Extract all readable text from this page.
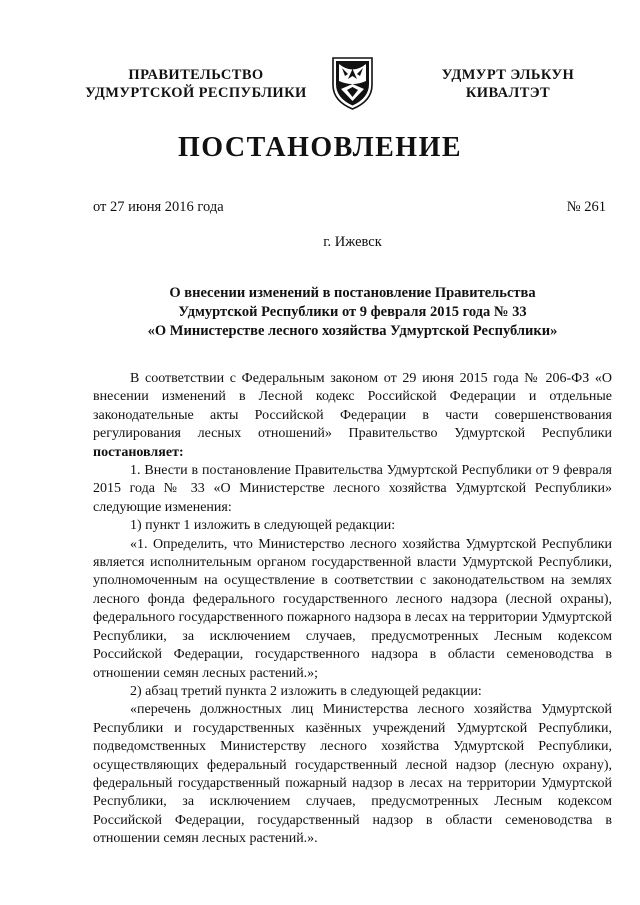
ПРАВИТЕЛЬСТВО
УДМУРТСКОЙ РЕСПУБЛИКИ
УДМУРТ ЭЛЬКУН
КИВАЛТЭТ
ПОСТАНОВЛЕНИЕ
от 27 июня 2016 года	№ 261
г. Ижевск
О внесении изменений в постановление Правительства
Удмуртской Республики от 9 февраля 2015 года № 33
«О Министерстве лесного хозяйства Удмуртской Республики»

В соответствии с Федеральным законом от 29 июня 2015 года № 206-ФЗ «О внесении изменений в Лесной кодекс Российской Федерации и отдельные законодательные акты Российской Федерации в части совершенствования регулирования лесных отношений» Правительство Удмуртской Республики постановляет:

1. Внести в постановление Правительства Удмуртской Республики от 9 февраля 2015 года № 33 «О Министерстве лесного хозяйства Удмуртской Республики» следующие изменения:

1) пункт 1 изложить в следующей редакции:

«1. Определить, что Министерство лесного хозяйства Удмуртской Республики является исполнительным органом государственной власти Удмуртской Республики, уполномоченным на осуществление в соответствии с законодательством на землях лесного фонда федерального государственного лесного надзора (лесной охраны), федерального государственного пожарного надзора в лесах на территории Удмуртской Республики, за исключением случаев, предусмотренных Лесным кодексом Российской Федерации, государственного надзора в области семеноводства в отношении семян лесных растений.»;

2) абзац третий пункта 2 изложить в следующей редакции:

«перечень должностных лиц Министерства лесного хозяйства Удмуртской Республики и государственных казённых учреждений Удмуртской Республики, подведомственных Министерству лесного хозяйства Удмуртской Республики, осуществляющих федеральный государственный лесной надзор (лесную охрану), федеральный государственный пожарный надзор в лесах на территории Удмуртской Республики, за исключением случаев, предусмотренных Лесным кодексом Российской Федерации, государственный надзор в области семеноводства в отношении семян лесных растений.».
